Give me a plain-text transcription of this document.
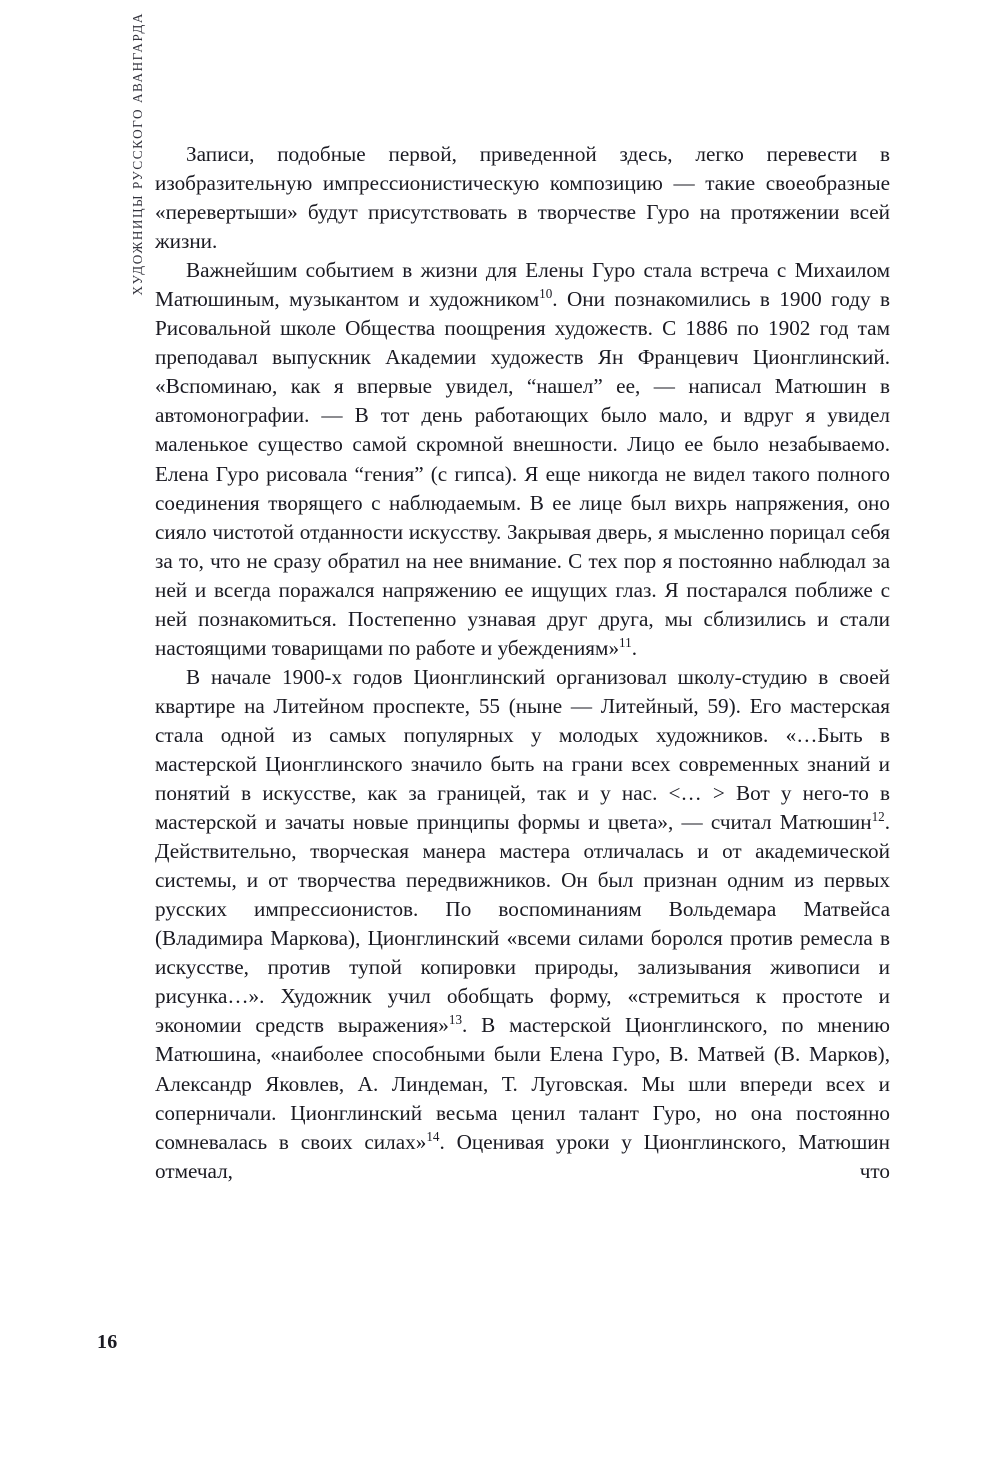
ХУДОЖНИЦЫ РУССКОГО АВАНГАРДА	Записи, подобные первой, приведенной здесь, легко перевести в изобразительную импрессионистическую композицию — такие своеобразные «перевертыши» будут присутствовать в творчестве Гуро на протяжении всей жизни.

Важнейшим событием в жизни для Елены Гуро стала встреча с Михаилом Матюшиным, музыкантом и художником$^{10}$. Они познакомились в 1900 году в Рисовальной школе Общества поощрения художеств. С 1886 по 1902 год там преподавал выпускник Академии художеств Ян Францевич Ционглинский. «Вспоминаю, как я впервые увидел, “нашел” ее, — написал Матюшин в автомонографии. — В тот день работающих было мало, и вдруг я увидел маленькое существо самой скромной внешности. Лицо ее было незабываемо. Елена Гуро рисовала “гения” (с гипса). Я еще никогда не видел такого полного соединения творящего с наблюдаемым. В ее лице был вихрь напряжения, оно сияло чистотой отданности искусству. Закрывая дверь, я мысленно порицал себя за то, что не сразу обратил на нее внимание. С тех пор я постоянно наблюдал за ней и всегда поражался напряжению ее ищущих глаз. Я постарался поближе с ней познакомиться. Постепенно узнавая друг друга, мы сблизились и стали настоящими товарищами по работе и убеждениям»$^{11}$.

В начале 1900-х годов Ционглинский организовал школу-студию в своей квартире на Литейном проспекте, 55 (ныне — Литейный, 59). Его мастерская стала одной из самых популярных у молодых художников. «…Быть в мастерской Ционглинского значило быть на грани всех современных знаний и понятий в искусстве, как за границей, так и у нас. <… > Вот у него-то в мастерской и зачаты новые принципы формы и цвета», — считал Матюшин$^{12}$. Действительно, творческая манера мастера отличалась и от академической системы, и от творчества передвижников. Он был признан одним из первых русских импрессионистов. По воспоминаниям Вольдемара Матвейса (Владимира Маркова), Ционглинский «всеми силами боролся против ремесла в искусстве, против тупой копировки природы, зализывания живописи и рисунка…». Художник учил обобщать форму, «стремиться к простоте и экономии средств выражения»$^{13}$. В мастерской Ционглинского, по мнению Матюшина, «наиболее способными были Елена Гуро, В. Матвей (В. Марков), Александр Яковлев, А. Линдеман, Т. Луговская. Мы шли впереди всех и соперничали. Ционглинский весьма ценил талант Гуро, но она постоянно сомневалась в своих силах»$^{14}$. Оценивая уроки у Ционглинского, Матюшин отмечал, что

16
